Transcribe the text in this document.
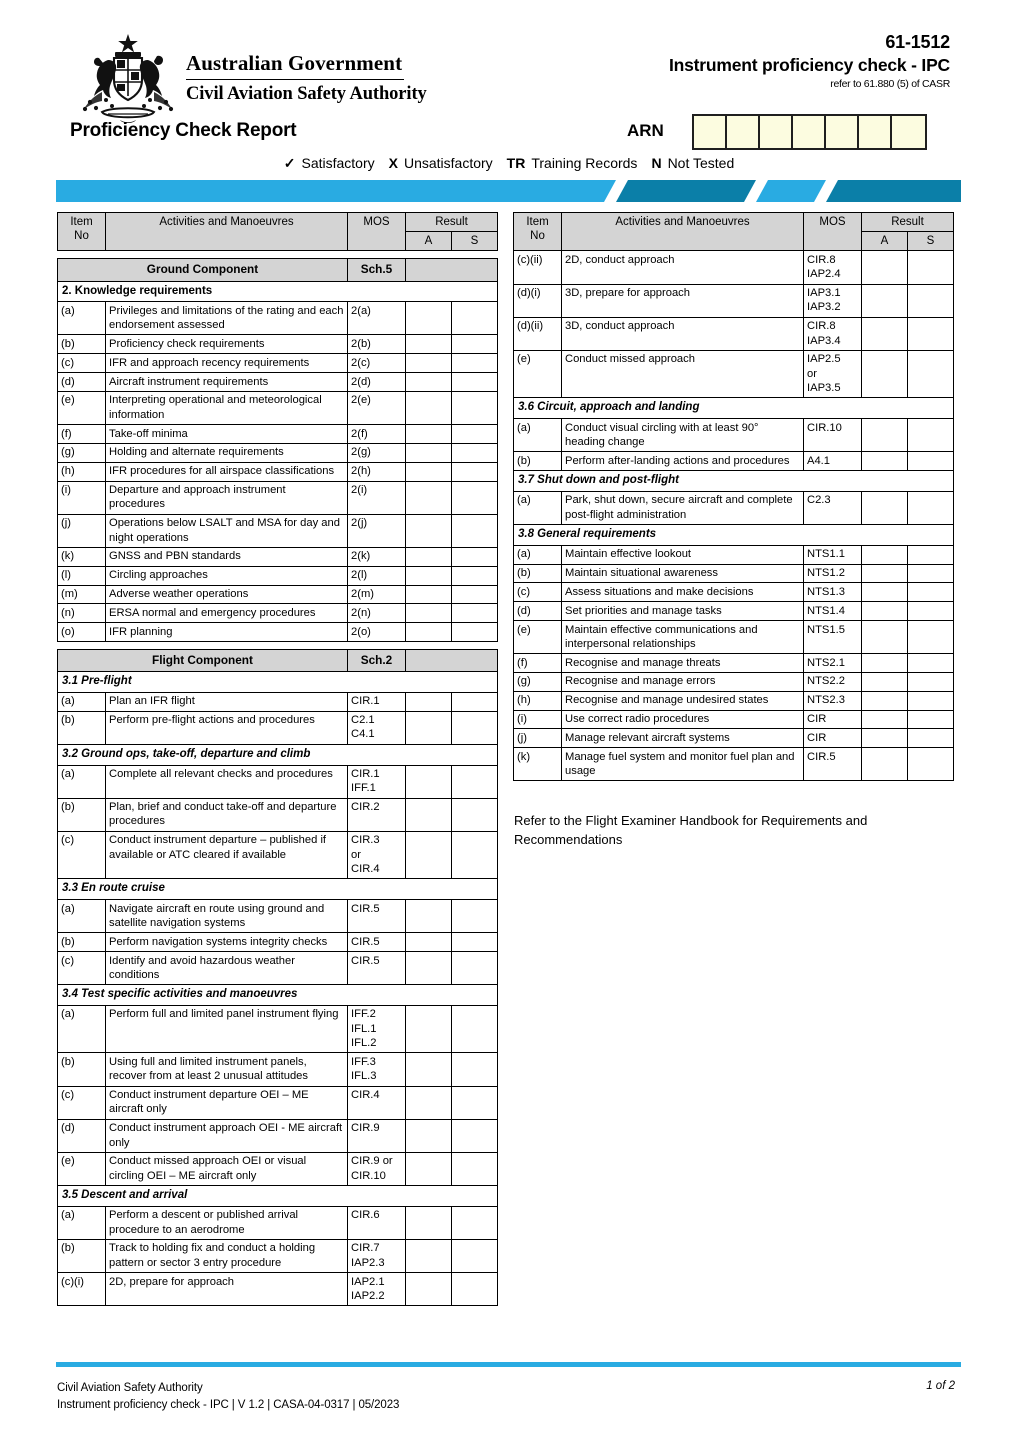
Australian Government
Civil Aviation Safety Authority
61-1512
Instrument proficiency check - IPC
refer to 61.880 (5) of CASR
Proficiency Check Report	ARN
✓ Satisfactory X Unsatisfactory TR Training Records N Not Tested
Item
No	Activities and Manoeuvres	MOS	Result	
			A	S

Ground Component		Sch.5		
2. Knowledge requirements				
(a)	Privileges and limitations of the rating and each endorsement assessed	2(a)		

(b)	Proficiency check requirements	2(b)		

(c)	IFR and approach recency requirements	2(c)		

(d)	Aircraft instrument requirements	2(d)		

(e)	Interpreting operational and meteorological information	2(e)		

(f)	Take-off minima	2(f)		

(g)	Holding and alternate requirements	2(g)		

(h)	IFR procedures for all airspace classifications	2(h)		

(i)	Departure and approach instrument procedures	2(i)		

(j)	Operations below LSALT and MSA for day and night operations	2(j)		

(k)	GNSS and PBN standards	2(k)		

(l)	Circling approaches	2(l)		

(m)	Adverse weather operations	2(m)		

(n)	ERSA normal and emergency procedures	2(n)		

(o)	IFR planning	2(o)		

Flight Component		Sch.2		
3.1 Pre-flight				
(a)	Plan an IFR flight	CIR.1		

(b)	Perform pre-flight actions and procedures	C2.1
C4.1		

3.2 Ground ops, take-off, departure and climb				
(a)	Complete all relevant checks and procedures	CIR.1
IFF.1		

(b)	Plan, brief and conduct take-off and departure procedures	CIR.2		

(c)	Conduct instrument departure – published if available or ATC cleared if available	CIR.3
or
CIR.4		

3.3 En route cruise				
(a)	Navigate aircraft en route using ground and satellite navigation systems	CIR.5		

(b)	Perform navigation systems integrity checks	CIR.5		

(c)	Identify and avoid hazardous weather conditions	CIR.5		

3.4 Test specific activities and manoeuvres				
(a)	Perform full and limited panel instrument flying	IFF.2
IFL.1
IFL.2		

(b)	Using full and limited instrument panels, recover from at least 2 unusual attitudes	IFF.3
IFL.3		

(c)	Conduct instrument departure OEI – ME aircraft only	CIR.4		

(d)	Conduct instrument approach OEI - ME aircraft only	CIR.9		

(e)	Conduct missed approach OEI or visual circling OEI – ME aircraft only	CIR.9 or
CIR.10		

3.5 Descent and arrival				
(a)	Perform a descent or published arrival procedure to an aerodrome	CIR.6		

(b)	Track to holding fix and conduct a holding pattern or sector 3 entry procedure	CIR.7
IAP2.3		

(c)(i)	2D, prepare for approach	IAP2.1
IAP2.2		

Item
No	Activities and Manoeuvres	MOS	Result	
			A	S
(c)(ii)	2D, conduct approach	CIR.8
IAP2.4		

(d)(i)	3D, prepare for approach	IAP3.1
IAP3.2		

(d)(ii)	3D, conduct approach	CIR.8
IAP3.4		

(e)	Conduct missed approach	IAP2.5
or
IAP3.5		

3.6 Circuit, approach and landing				
(a)	Conduct visual circling with at least 90° heading change	CIR.10		

(b)	Perform after-landing actions and procedures	A4.1		

3.7 Shut down and post-flight				
(a)	Park, shut down, secure aircraft and complete post-flight administration	C2.3		

3.8 General requirements				
(a)	Maintain effective lookout	NTS1.1		

(b)	Maintain situational awareness	NTS1.2		

(c)	Assess situations and make decisions	NTS1.3		

(d)	Set priorities and manage tasks	NTS1.4		

(e)	Maintain effective communications and interpersonal relationships	NTS1.5		

(f)	Recognise and manage threats	NTS2.1		

(g)	Recognise and manage errors	NTS2.2		

(h)	Recognise and manage undesired states	NTS2.3		

(i)	Use correct radio procedures	CIR		

(j)	Manage relevant aircraft systems	CIR		

(k)	Manage fuel system and monitor fuel plan and usage	CIR.5		

Refer to the Flight Examiner Handbook for Requirements and Recommendations
Civil Aviation Safety Authority
Instrument proficiency check - IPC | V 1.2 | CASA-04-0317 | 05/2023
1 of 2
